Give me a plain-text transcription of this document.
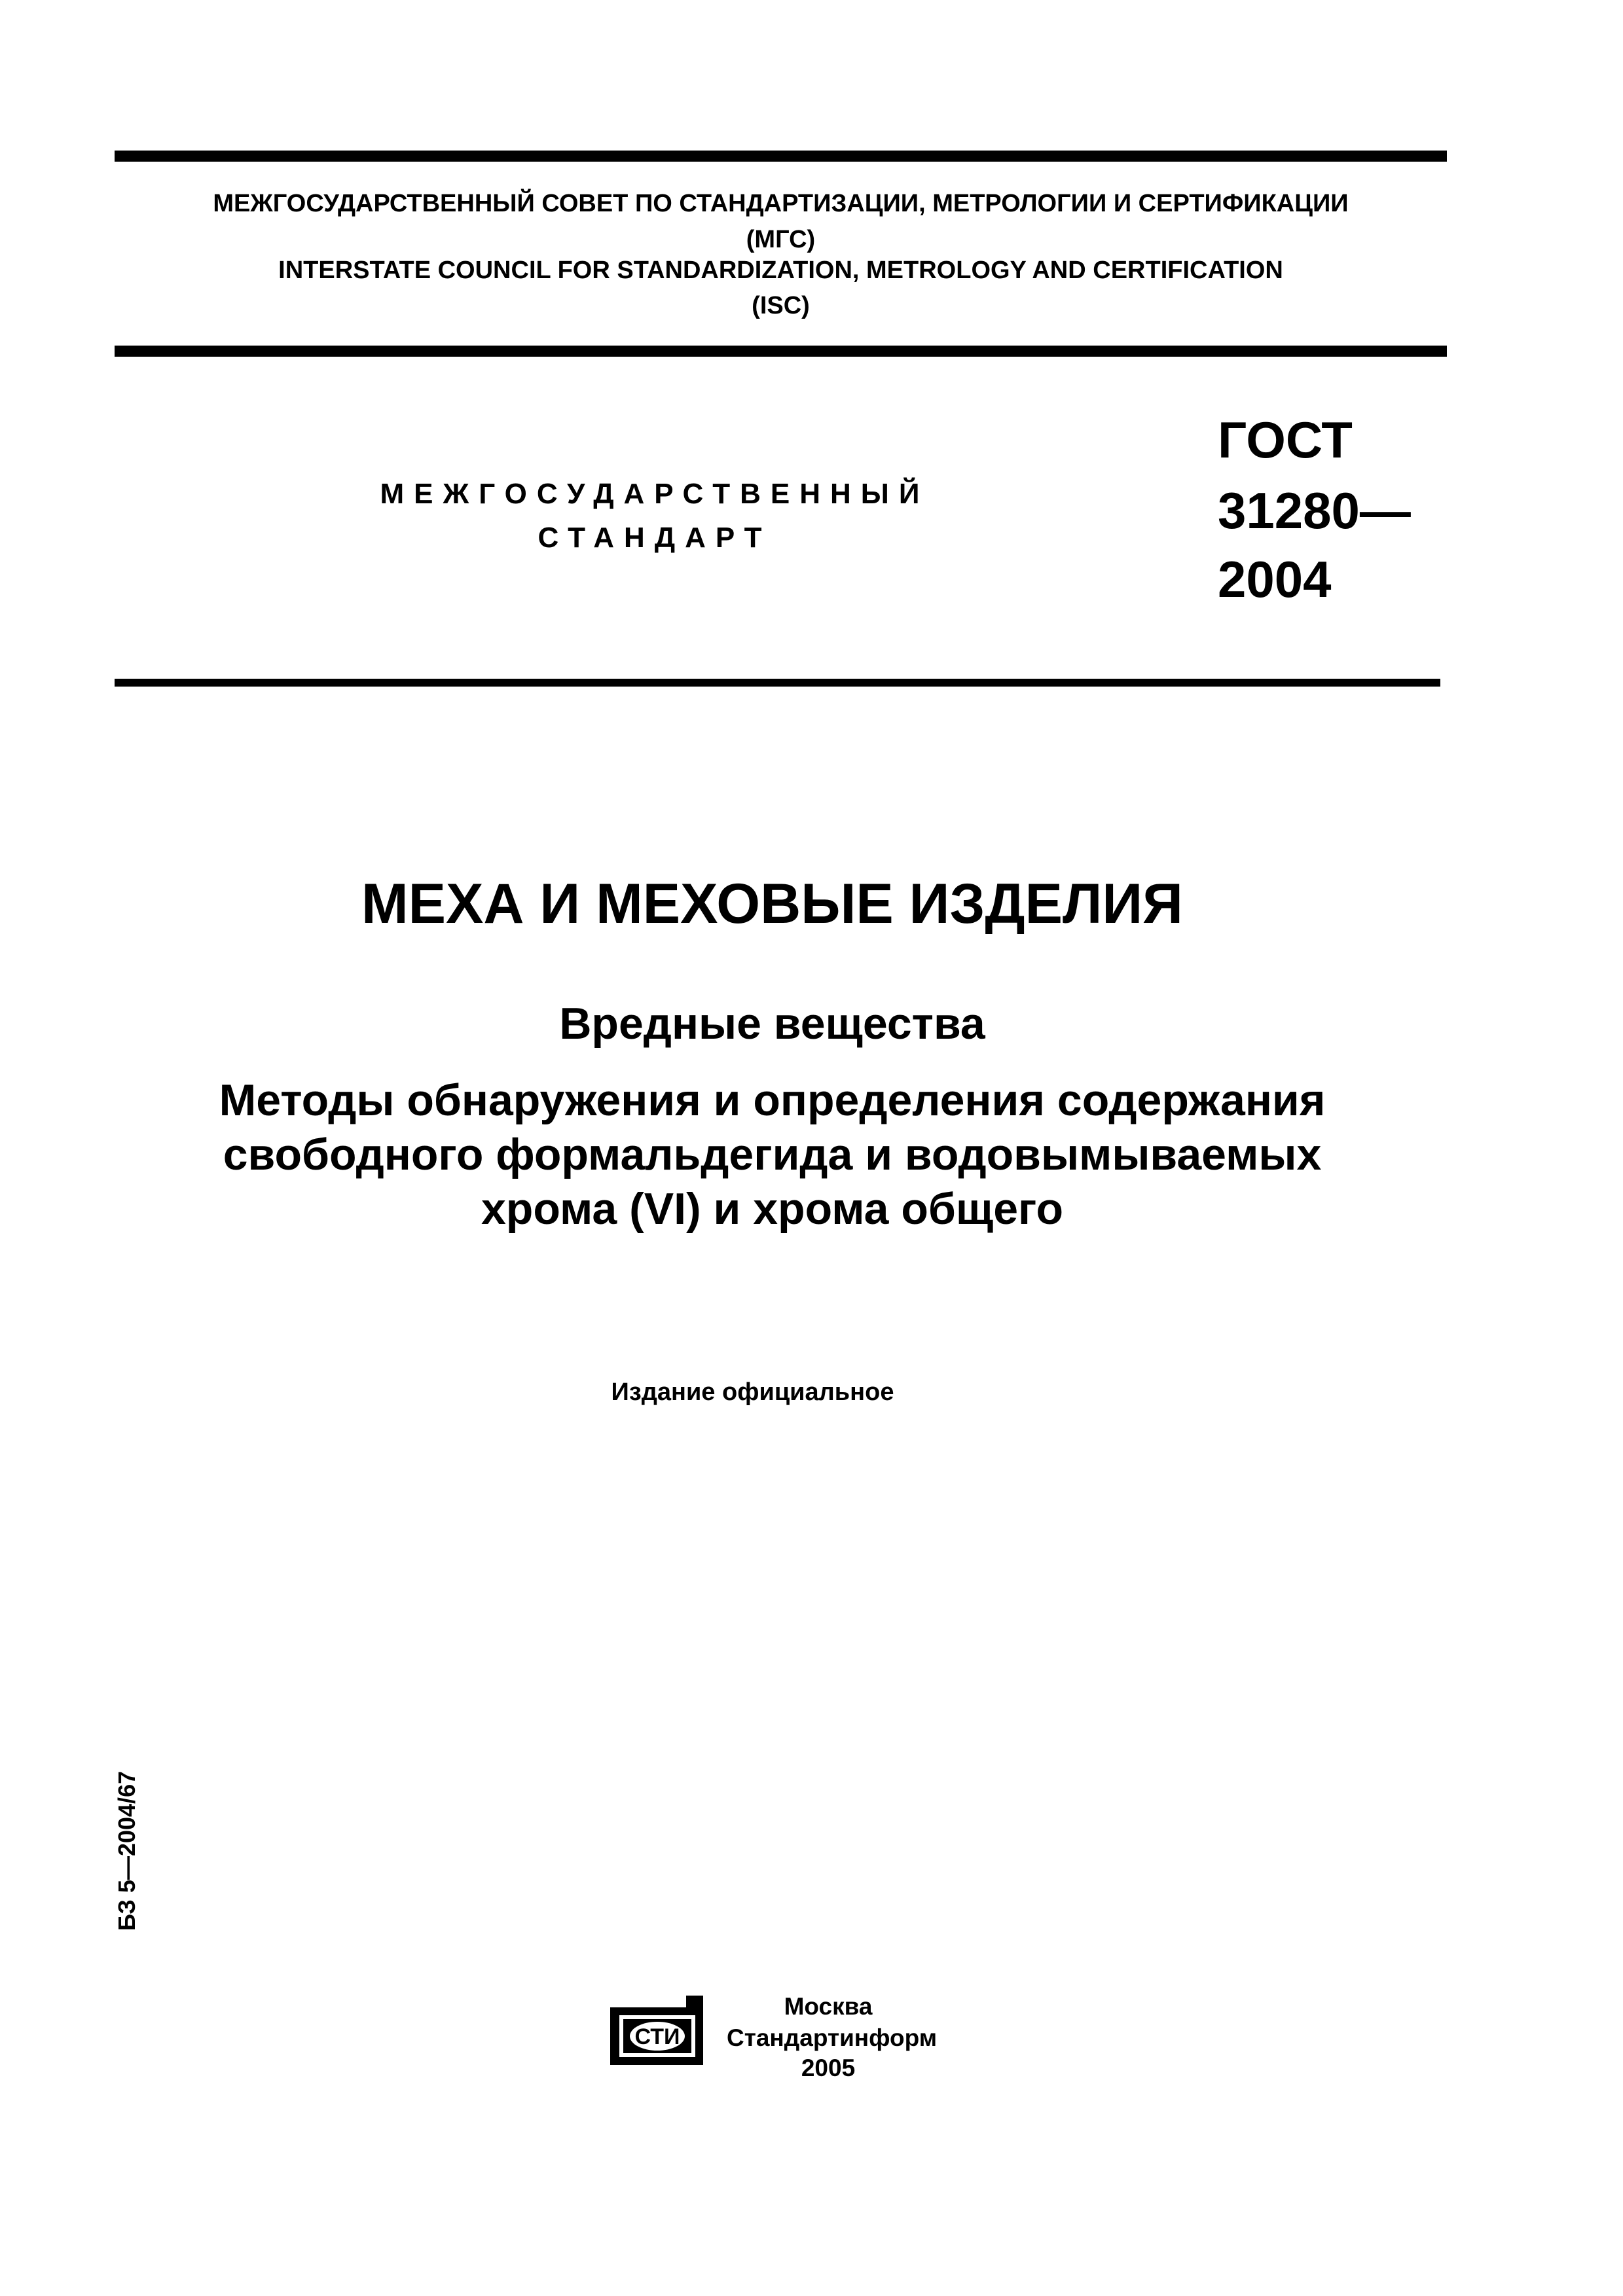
МЕЖГОСУДАРСТВЕННЫЙ СОВЕТ ПО СТАНДАРТИЗАЦИИ, МЕТРОЛОГИИ И СЕРТИФИКАЦИИ
(МГС)
INTERSTATE COUNCIL FOR STANDARDIZATION, METROLOGY AND CERTIFICATION
(ISC)
МЕЖГОСУДАРСТВЕННЫЙ
СТАНДАРТ
ГОСТ
31280—
2004
МЕХА И МЕХОВЫЕ ИЗДЕЛИЯ
Вредные вещества
Методы обнаружения и определения содержания
свободного формальдегида и водовымываемых
хрома (VI) и хрома общего
Издание официальное
БЗ 5—2004/67
СТИ
Москва
Стандартинформ
2005
